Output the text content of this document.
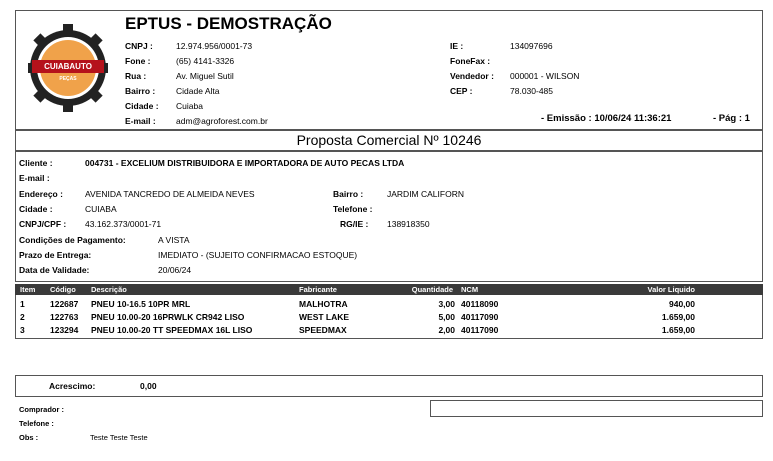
CUIABAUTO
PEÇAS
EPTUS - DEMOSTRAÇÃO
CNPJ :	12.974.956/0001-73
Fone :	(65) 4141-3326
Rua :	Av. Miguel Sutil
Bairro : Cidade Alta
Cidade : Cuiaba
E-mail : adm@agroforest.com.br
IE :	134097696
FoneFax :
Vendedor : 000001 - WILSON
CEP :	78.030-485
- Emissão : 10/06/24 11:36:21	- Pág : 1
Proposta Comercial Nº 10246
Cliente :	004731 - EXCELIUM DISTRIBUIDORA E IMPORTADORA DE AUTO PECAS LTDA
E-mail :
Endereço :	AVENIDA TANCREDO DE ALMEIDA NEVES	Bairro :	JARDIM CALIFORN
Cidade :	CUIABA	Telefone :
CNPJ/CPF : 43.162.373/0001-71	RG/IE : 138918350
Condições de Pagamento:	A VISTA
Prazo de Entrega:	IMEDIATO - (SUJEITO CONFIRMACAO ESTOQUE)
Data de Validade:	20/06/24
Item Código Descrição	Fabricante	Quantidade NCM	Valor Liquido
1	122687 PNEU 10-16.5 10PR MRL	MALHOTRA	3,00 40118090	940,00
2	122763 PNEU 10.00-20 16PRWLK CR942 LISO	WEST LAKE	5,00 40117090	1.659,00
3	123294 PNEU 10.00-20 TT SPEEDMAX 16L LISO	SPEEDMAX	2,00 40117090	1.659,00
Acrescimo:	0,00
Comprador :
Telefone :
Obs :	Teste Teste Teste
